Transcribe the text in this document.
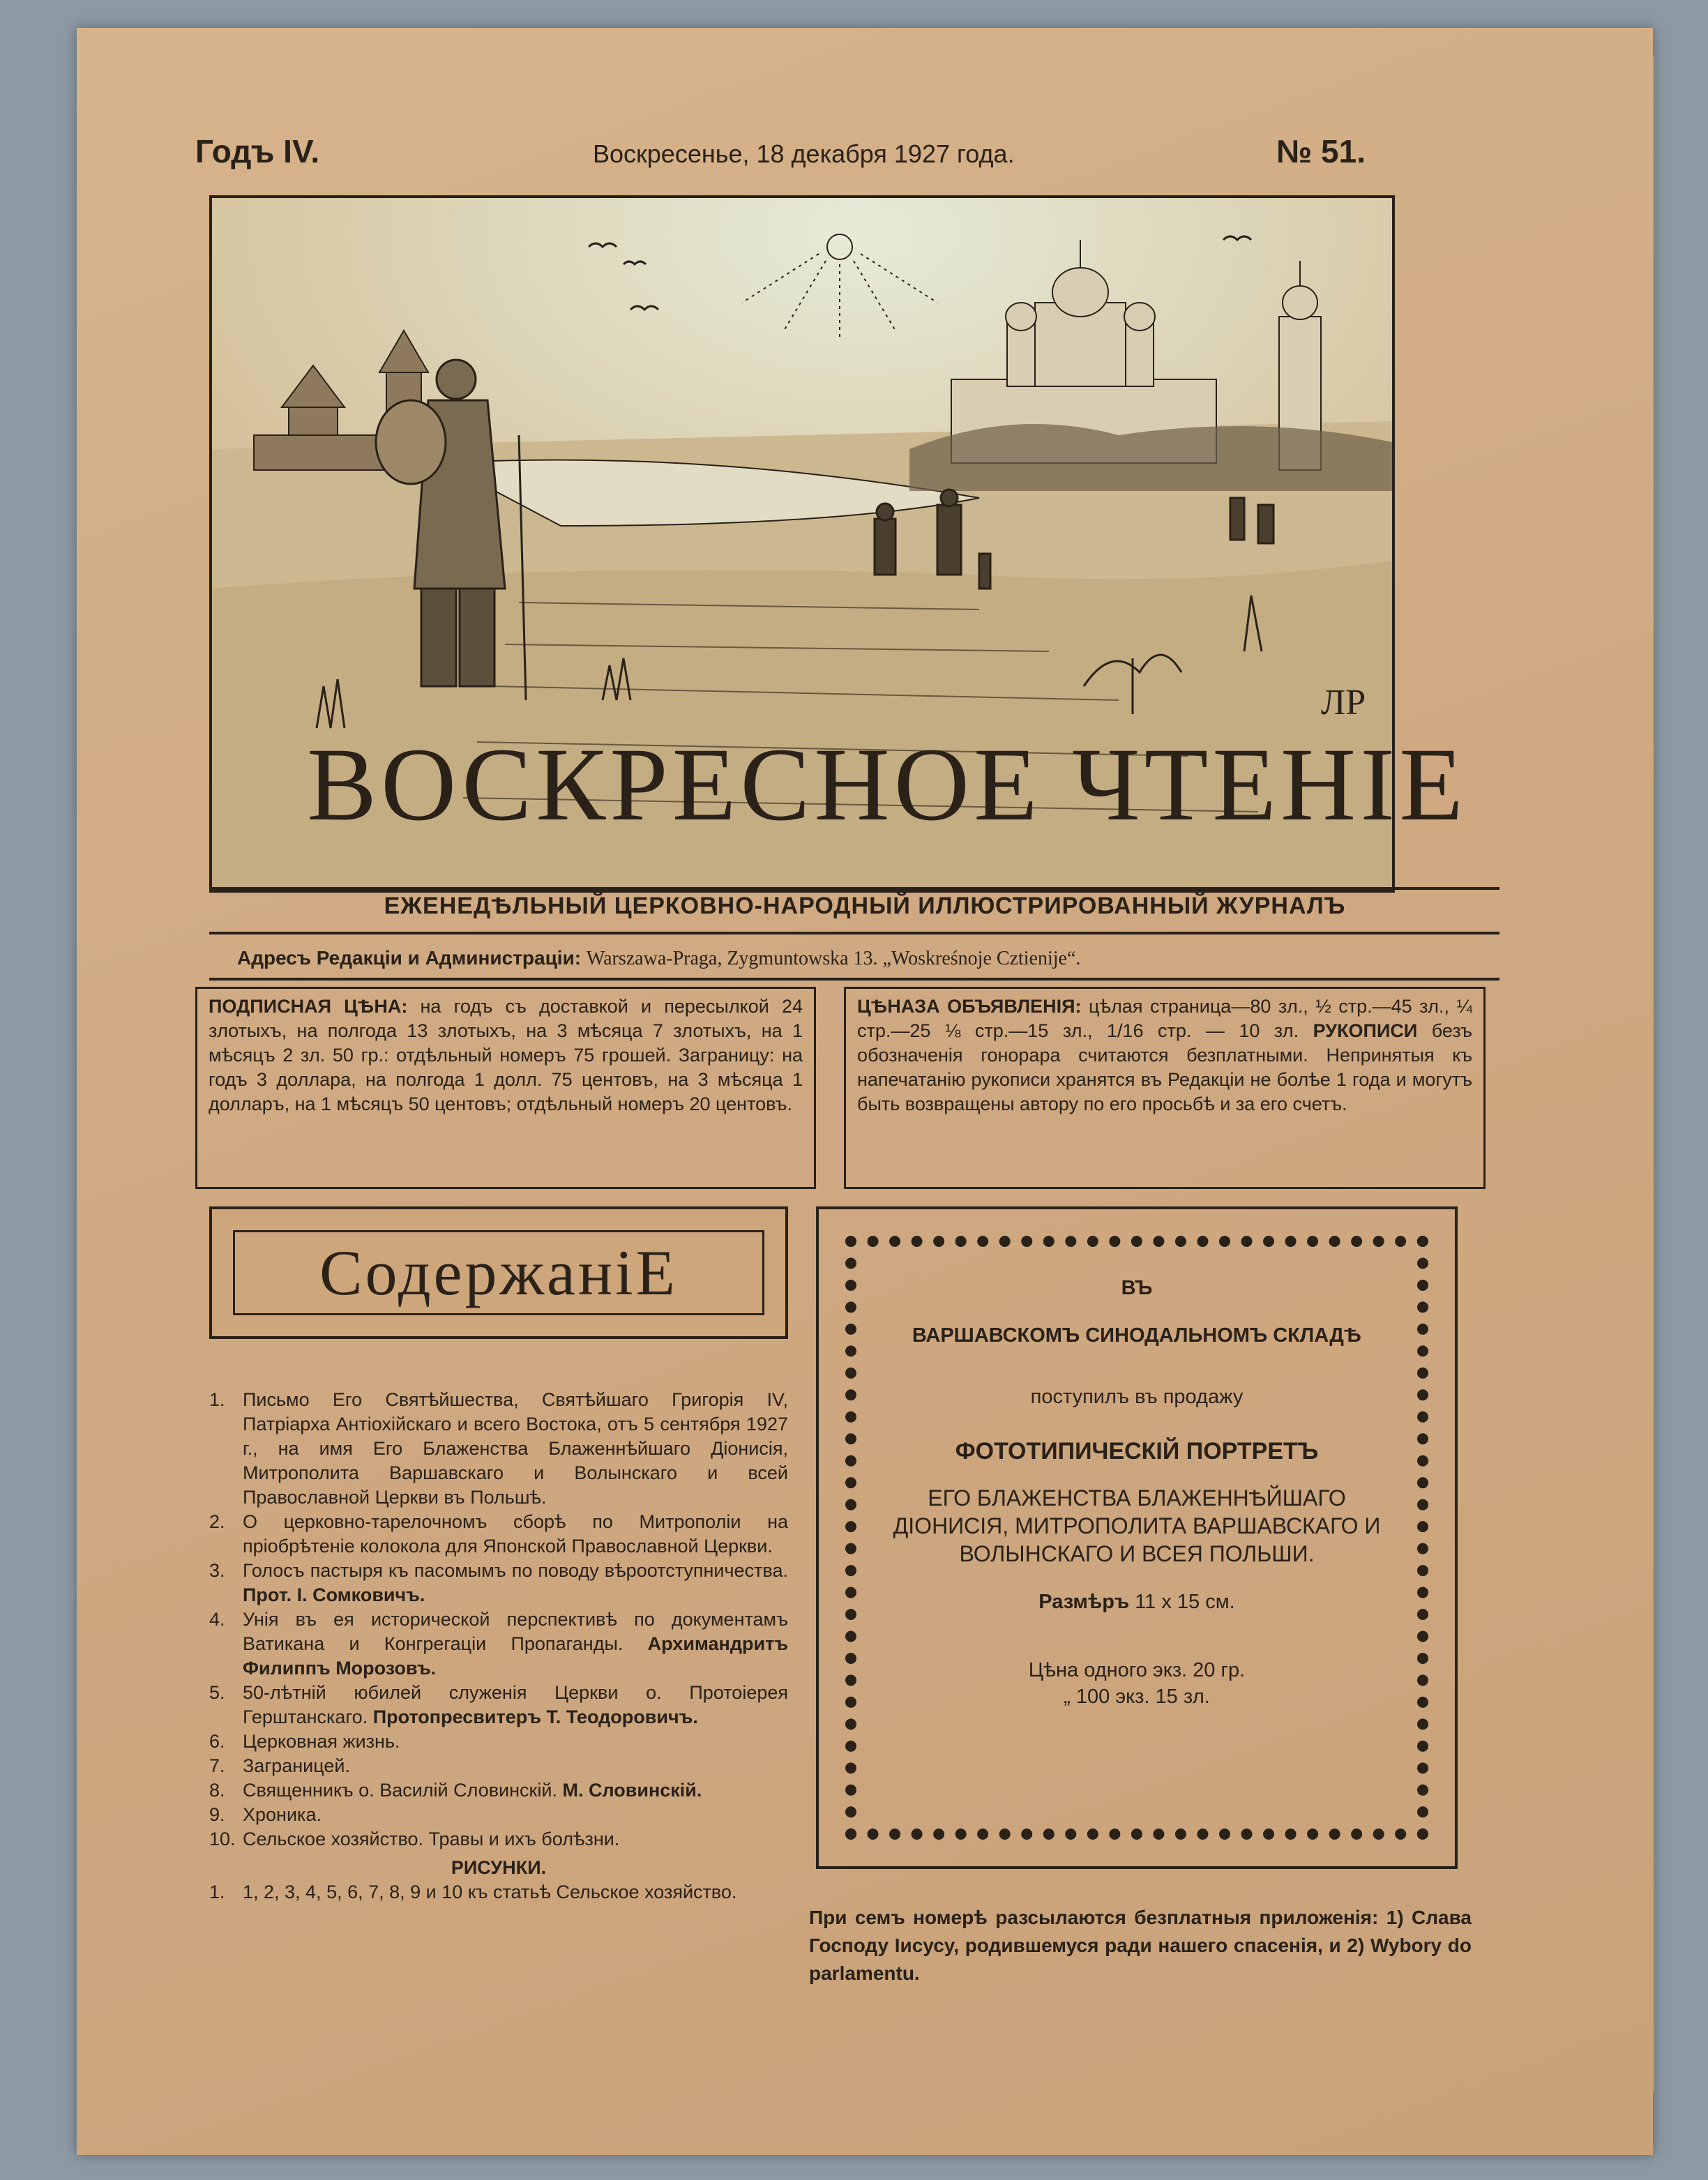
Годъ IV.	Воскресенье, 18 декабря 1927 года.	№ 51.
ЛР
ВОСКРЕСНОЕ ЧТЕНІЕ
ЕЖЕНЕДѢЛЬНЫЙ ЦЕРКОВНО-НАРОДНЫЙ ИЛЛЮСТРИРОВАННЫЙ ЖУРНАЛЪ
Адресъ Редакціи и Администраціи: Warszawa-Praga, Zygmuntowska 13. „Woskreśnoje Cztienije“.
ПОДПИСНАЯ ЦѢНА: на годъ съ доставкой и пересылкой 24 злотыхъ, на полгода 13 злотыхъ, на 3 мѣсяца 7 злотыхъ, на 1 мѣсяцъ 2 зл. 50 гр.: отдѣльный номеръ 75 грошей. Заграницу: на годъ 3 доллара, на полгода 1 долл. 75 центовъ, на 3 мѣсяца 1 долларъ, на 1 мѣсяцъ 50 центовъ; отдѣльный номеръ 20 центовъ.
ЦѢНАЗА ОБЪЯВЛЕНІЯ: цѣлая страница—80 зл., ½ стр.—45 зл., ¼ стр.—25 ⅛ стр.—15 зл., 1/16 стр. — 10 зл. РУКОПИСИ безъ обозначенія гонорара считаются безплатными. Непринятыя къ напечатанію рукописи хранятся въ Редакціи не болѣе 1 года и могутъ быть возвращены автору по его просьбѣ и за его счетъ.
СодержаніЕ
1. Письмо Его Святѣйшества, Святѣйшаго Григорія IV, Патріарха Антіохійскаго и всего Востока, отъ 5 сентября 1927 г., на имя Его Блаженства Блаженнѣйшаго Діонисія, Митрополита Варшавскаго и Волынскаго и всей Православной Церкви въ Польшѣ.
2. О церковно-тарелочномъ сборѣ по Митрополіи на пріобрѣтеніе колокола для Японской Православной Церкви.
3. Голосъ пастыря къ пасомымъ по поводу вѣроотступничества. Прот. І. Сомковичъ.
4. Унія въ ея исторической перспективѣ по документамъ Ватикана и Конгрегаціи Пропаганды. Архимандритъ Филиппъ Морозовъ.
5. 50-лѣтній юбилей служенія Церкви о. Протоіерея Герштанскаго. Протопресвитеръ Т. Теодоровичъ.
6. Церковная жизнь.
7. Заграницей.
8. Священникъ о. Василій Словинскій. М. Словинскій.
9. Хроника.
10. Сельское хозяйство. Травы и ихъ болѣзни.
РИСУНКИ.
1. 1, 2, 3, 4, 5, 6, 7, 8, 9 и 10 къ статьѣ Сельское хозяйство.
ВЪ
ВАРШАВСКОМЪ СИНОДАЛЬНОМЪ СКЛАДѢ
поступилъ въ продажу
ФОТОТИПИЧЕСКІЙ ПОРТРЕТЪ
ЕГО БЛАЖЕНСТВА БЛАЖЕННѢЙШАГО ДІОНИСІЯ, МИТРОПОЛИТА ВАРШАВСКАГО И ВОЛЫНСКАГО И ВСЕЯ ПОЛЬШИ.
Размѣръ 11 x 15 см.
Цѣна одного экз. 20 гр.
„ 100 экз. 15 зл.
При семъ номерѣ разсылаются безплатныя приложенія: 1) Слава Господу Іисусу, родившемуся ради нашего спасенія, и 2) Wybory do parlamentu.
